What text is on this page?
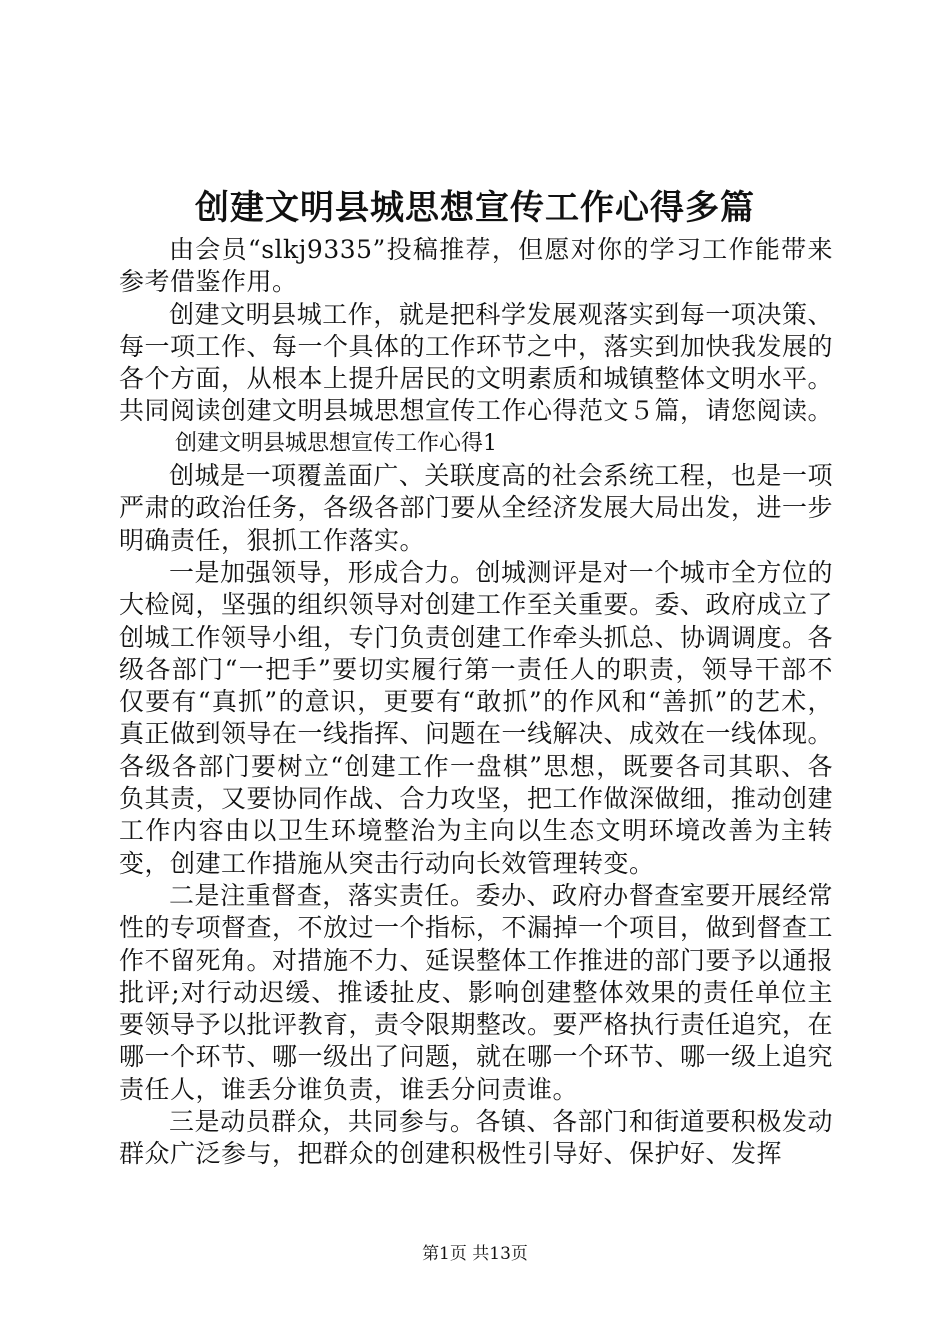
创建文明县城思想宣传工作心得多篇

由会员“slkj9335”投稿推荐，但愿对你的学习工作能带来参考借鉴作用。

创建文明县城工作，就是把科学发展观落实到每一项决策、每一项工作、每一个具体的工作环节之中，落实到加快我发展的各个方面，从根本上提升居民的文明素质和城镇整体文明水平。共同阅读创建文明县城思想宣传工作心得范文５篇，请您阅读。

创建文明县城思想宣传工作心得1

创城是一项覆盖面广、关联度高的社会系统工程，也是一项严肃的政治任务，各级各部门要从全经济发展大局出发，进一步明确责任，狠抓工作落实。

一是加强领导，形成合力。创城测评是对一个城市全方位的大检阅，坚强的组织领导对创建工作至关重要。委、政府成立了创城工作领导小组，专门负责创建工作牵头抓总、协调调度。各级各部门“一把手”要切实履行第一责任人的职责，领导干部不仅要有“真抓”的意识，更要有“敢抓”的作风和“善抓”的艺术，真正做到领导在一线指挥、问题在一线解决、成效在一线体现。各级各部门要树立“创建工作一盘棋”思想，既要各司其职、各负其责，又要协同作战、合力攻坚，把工作做深做细，推动创建工作内容由以卫生环境整治为主向以生态文明环境改善为主转变，创建工作措施从突击行动向长效管理转变。

二是注重督查，落实责任。委办、政府办督查室要开展经常性的专项督查，不放过一个指标，不漏掉一个项目，做到督查工作不留死角。对措施不力、延误整体工作推进的部门要予以通报批评;对行动迟缓、推诿扯皮、影响创建整体效果的责任单位主要领导予以批评教育，责令限期整改。要严格执行责任追究，在哪一个环节、哪一级出了问题，就在哪一个环节、哪一级上追究责任人，谁丢分谁负责，谁丢分问责谁。

三是动员群众，共同参与。各镇、各部门和街道要积极发动群众广泛参与，把群众的创建积极性引导好、保护好、发挥

第1页 共13页
